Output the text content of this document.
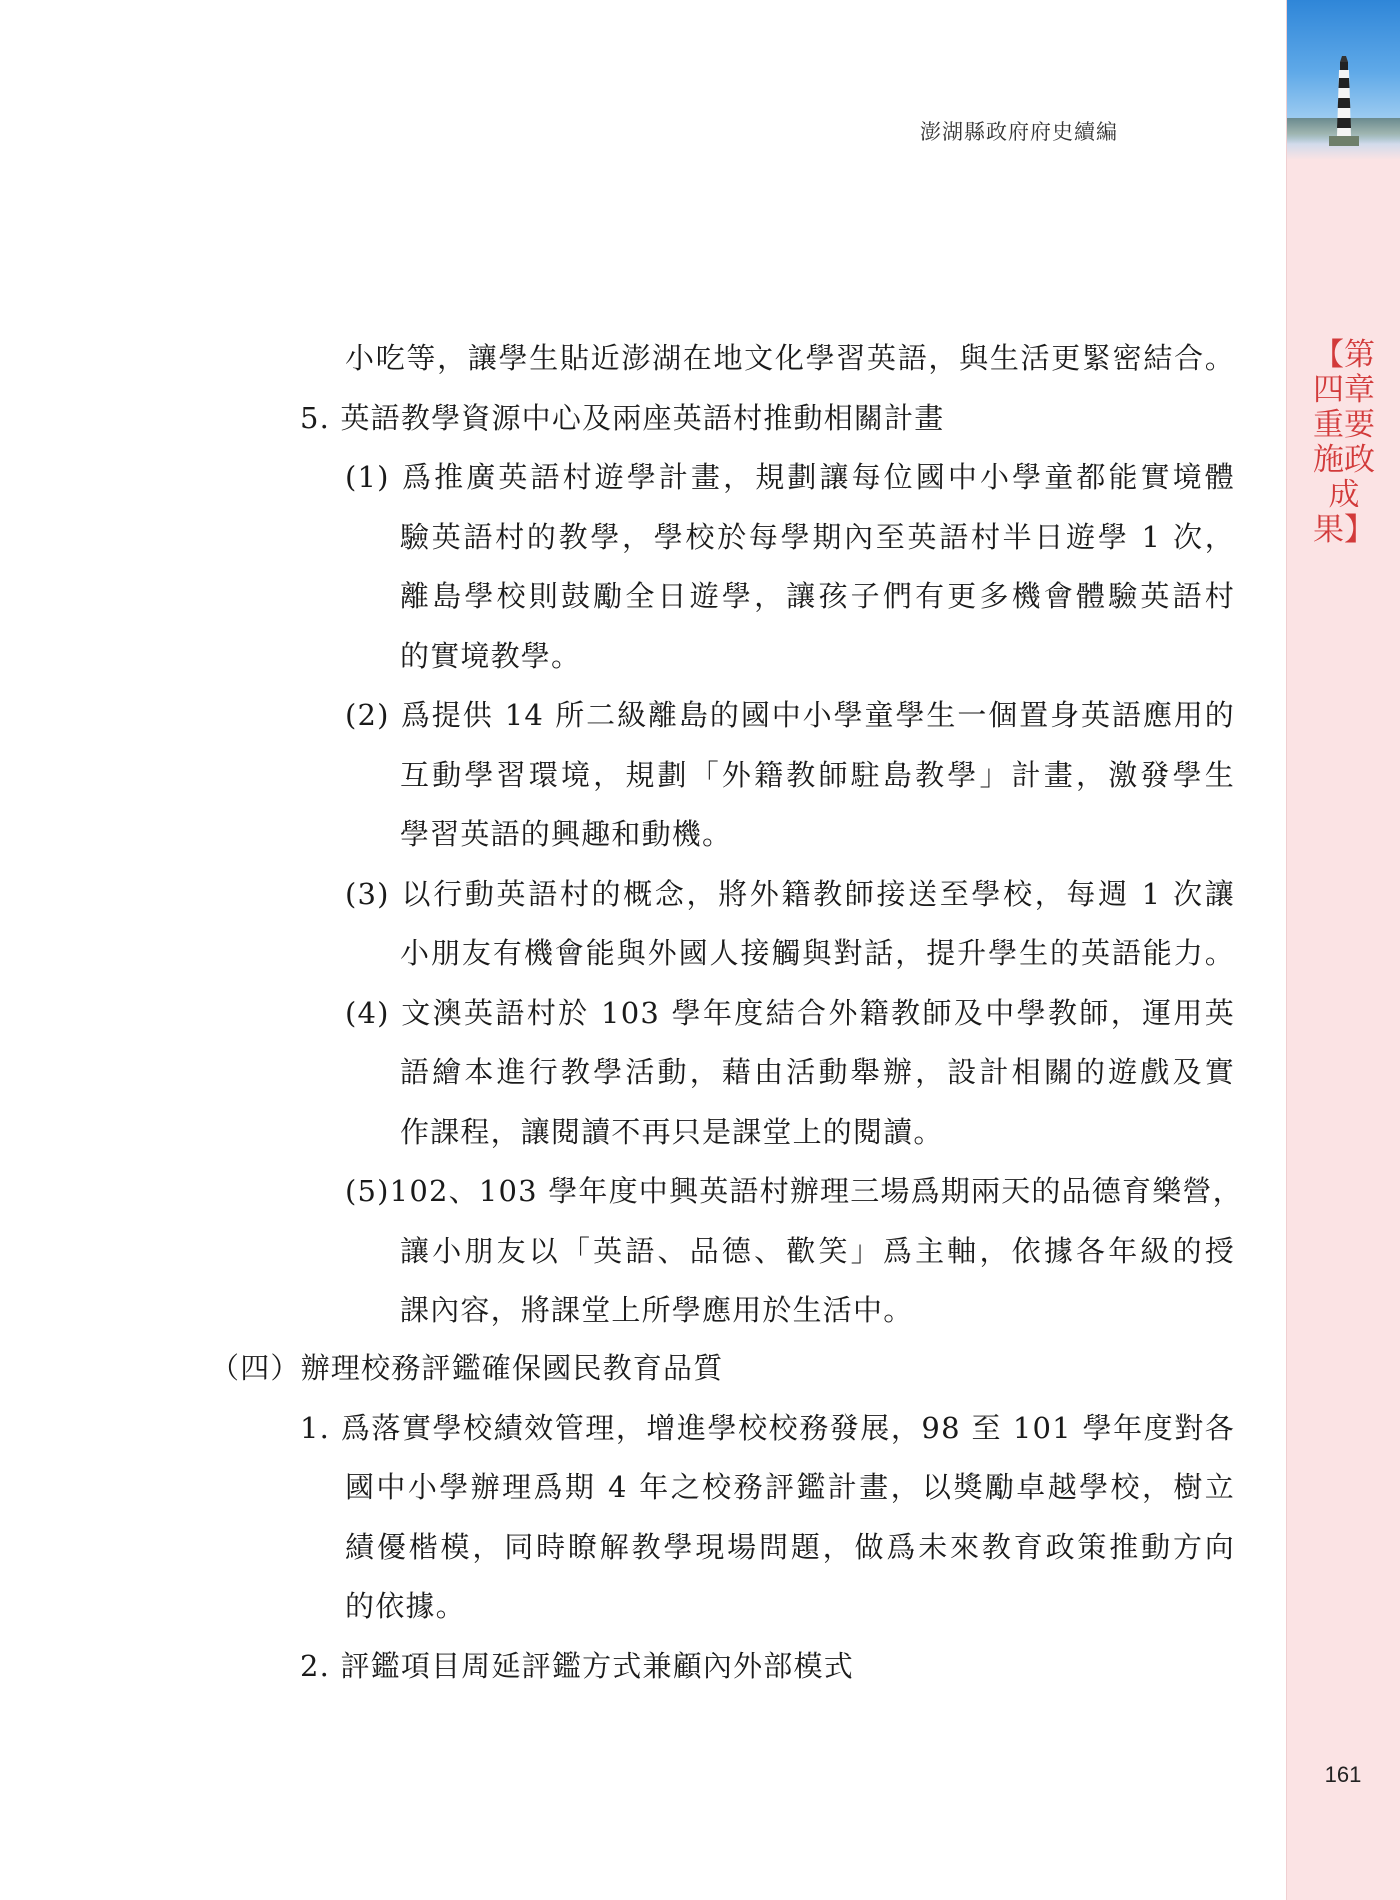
澎湖縣政府府史續編
小吃等，讓學生貼近澎湖在地文化學習英語，與生活更緊密結合。
5. 英語教學資源中心及兩座英語村推動相關計畫
(1) 爲推廣英語村遊學計畫，規劃讓每位國中小學童都能實境體
驗英語村的教學，學校於每學期內至英語村半日遊學 1 次，
離島學校則鼓勵全日遊學，讓孩子們有更多機會體驗英語村
的實境教學。
(2) 爲提供 14 所二級離島的國中小學童學生一個置身英語應用的
互動學習環境，規劃「外籍教師駐島教學」計畫，激發學生
學習英語的興趣和動機。
(3) 以行動英語村的概念，將外籍教師接送至學校，每週 1 次讓
小朋友有機會能與外國人接觸與對話，提升學生的英語能力。
(4) 文澳英語村於 103 學年度結合外籍教師及中學教師，運用英
語繪本進行教學活動，藉由活動舉辦，設計相關的遊戲及實
作課程，讓閱讀不再只是課堂上的閱讀。
(5)102、103 學年度中興英語村辦理三場爲期兩天的品德育樂營，
讓小朋友以「英語、品德、歡笑」爲主軸，依據各年級的授
課內容，將課堂上所學應用於生活中。
（四）辦理校務評鑑確保國民教育品質
1. 爲落實學校績效管理，增進學校校務發展，98 至 101 學年度對各
國中小學辦理爲期 4 年之校務評鑑計畫，以獎勵卓越學校，樹立
績優楷模，同時瞭解教學現場問題，做爲未來教育政策推動方向
的依據。
2. 評鑑項目周延評鑑方式兼顧內外部模式
【第四章 重要施政成果】
161
